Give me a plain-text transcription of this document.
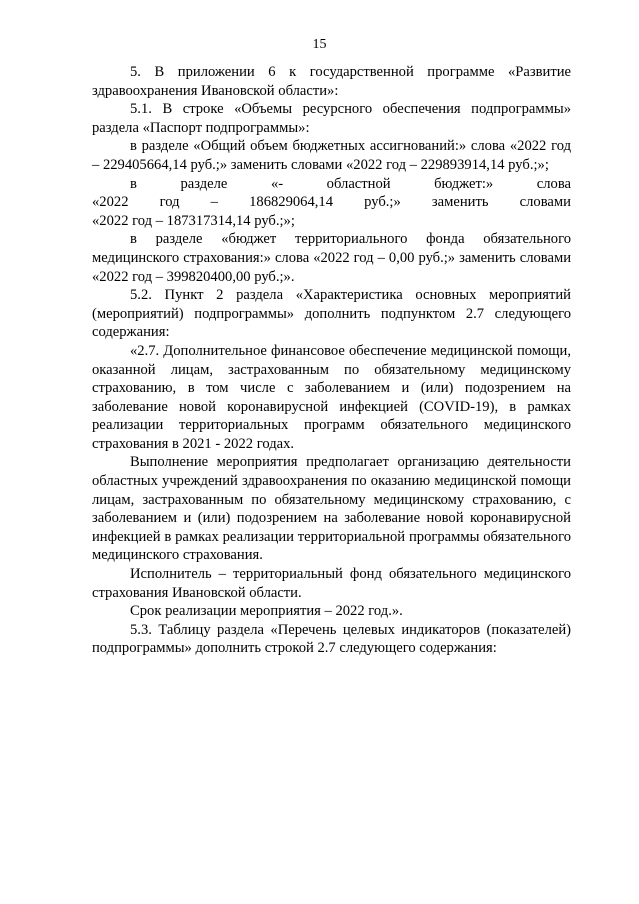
15

5. В приложении 6 к государственной программе «Развитие здравоохранения Ивановской области»:

5.1. В строке «Объемы ресурсного обеспечения подпрограммы» раздела «Паспорт подпрограммы»:

в разделе «Общий объем бюджетных ассигнований:» слова «2022 год – 229405664,14 руб.;» заменить словами «2022 год – 229893914,14 руб.;»;

в	разделе	«-	областной	бюджет:»	слова
«2022 год – 186829064,14 руб.;» заменить словами
«2022 год – 187317314,14 руб.;»;

в разделе «бюджет территориального фонда обязательного медицинского страхования:» слова «2022 год – 0,00 руб.;» заменить словами «2022 год – 399820400,00 руб.;».

5.2. Пункт 2 раздела «Характеристика основных мероприятий (мероприятий) подпрограммы» дополнить подпунктом 2.7 следующего содержания:

«2.7. Дополнительное финансовое обеспечение медицинской помощи, оказанной лицам, застрахованным по обязательному медицинскому страхованию, в том числе с заболеванием и (или) подозрением на заболевание новой коронавирусной инфекцией (COVID-19), в рамках реализации территориальных программ обязательного медицинского страхования в 2021 - 2022 годах.

Выполнение мероприятия предполагает организацию деятельности областных учреждений здравоохранения по оказанию медицинской помощи лицам, застрахованным по обязательному медицинскому страхованию, с заболеванием и (или) подозрением на заболевание новой коронавирусной инфекцией в рамках реализации территориальной программы обязательного медицинского страхования.

Исполнитель – территориальный фонд обязательного медицинского страхования Ивановской области.

Срок реализации мероприятия – 2022 год.».

5.3. Таблицу раздела «Перечень целевых индикаторов (показателей) подпрограммы» дополнить строкой 2.7 следующего содержания:
